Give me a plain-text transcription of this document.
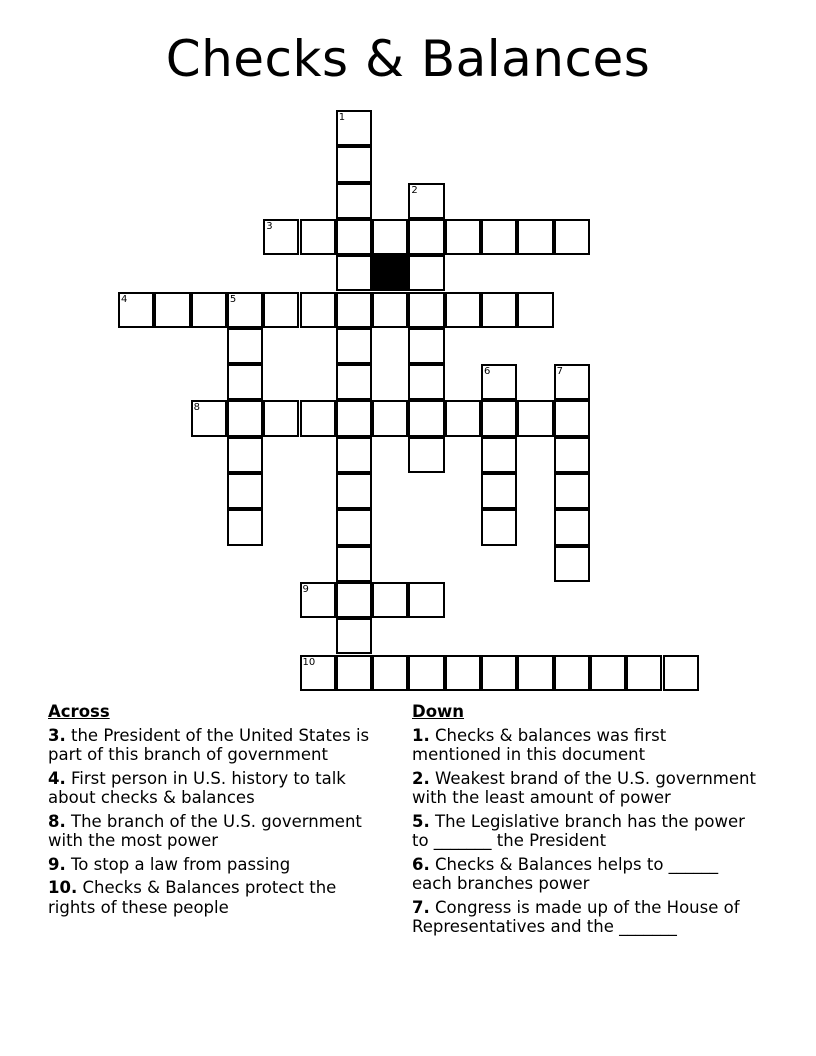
Checks & Balances
1
2
3
4	5
6	7
8
9
10
Across
3. the President of the United States is part of this branch of government
4. First person in U.S. history to talk about checks & balances
8. The branch of the U.S. government with the most power
9. To stop a law from passing
10. Checks & Balances protect the rights of these people
Down
1. Checks & balances was first mentioned in this document
2. Weakest brand of the U.S. government with the least amount of power
5. The Legislative branch has the power to _______ the President
6. Checks & Balances helps to ______ each branches power
7. Congress is made up of the House of Representatives and the _______
